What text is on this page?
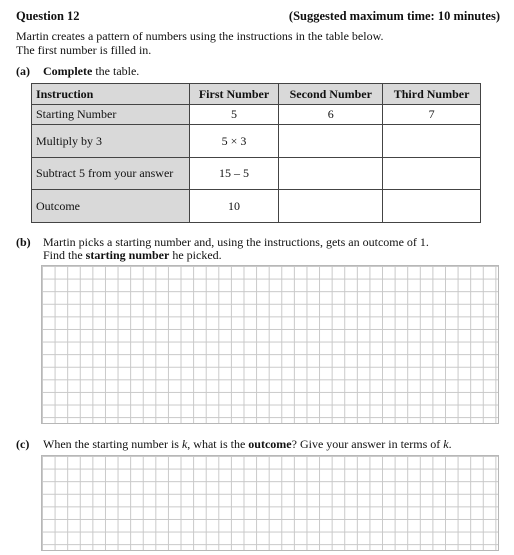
Question 12	(Suggested maximum time: 10 minutes)
Martin creates a pattern of numbers using the instructions in the table below.
The first number is filled in.
(a) Complete the table.
Instruction	First Number	Second Number	Third Number
Starting Number	5	6	7
Multiply by 3	5 × 3		
Subtract 5 from your answer	15 – 5		
Outcome	10		
(b) Martin picks a starting number and, using the instructions, gets an outcome of 1.
Find the starting number he picked.
(c) When the starting number is k, what is the outcome? Give your answer in terms of k.
